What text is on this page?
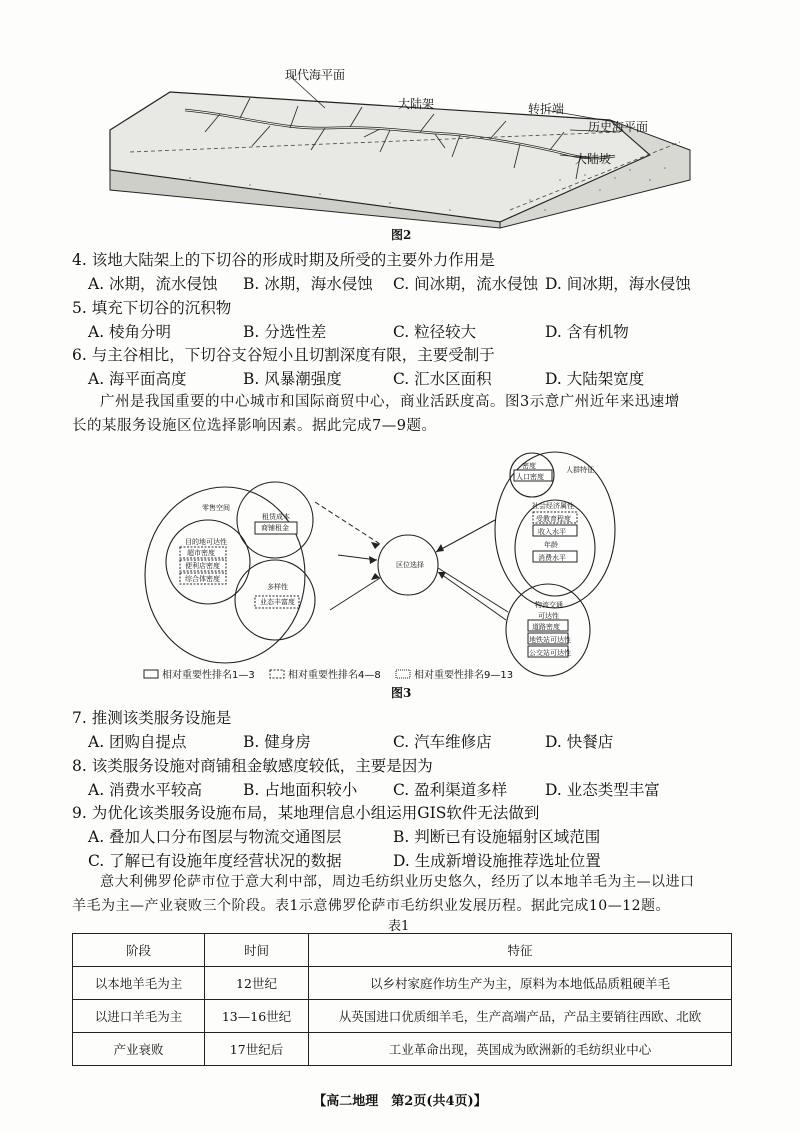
现代海平面
大陆架	转折端
历史海平面
大陆坡
图2
4. 该地大陆架上的下切谷的形成时期及所受的主要外力作用是
A. 冰期，流水侵蚀 B. 冰期，海水侵蚀 C. 间冰期，流水侵蚀 D. 间冰期，海水侵蚀
5. 填充下切谷的沉积物
A. 棱角分明	B. 分选性差	C. 粒径较大	D. 含有机物
6. 与主谷相比，下切谷支谷短小且切割深度有限，主要受制于
A. 海平面高度	B. 风暴潮强度	C. 汇水区面积	D. 大陆架宽度
广州是我国重要的中心城市和国际商贸中心，商业活跃度高。图3示意广州近年来迅速增
长的某服务设施区位选择影响因素。据此完成7—9题。
零售空间
租赁成本
商铺租金
目的地可达性
超市密度
便利店密度
综合体密度
多样性
业态丰富度
区位选择
人群特征
密度
人口密度
社会经济属性
受教育程度
收入水平
年龄
消费水平
物流交通
可达性
道路密度
地铁站可达性
公交站可达性
相对重要性排名1—3	相对重要性排名4—8	相对重要性排名9—13
图3
7. 推测该类服务设施是
A. 团购自提点	B. 健身房	C. 汽车维修店	D. 快餐店
8. 该类服务设施对商铺租金敏感度较低，主要是因为
A. 消费水平较高	B. 占地面积较小 C. 盈利渠道多样 D. 业态类型丰富
9. 为优化该类服务设施布局，某地理信息小组运用GIS软件无法做到
A. 叠加人口分布图层与物流交通图层	B. 判断已有设施辐射区域范围
C. 了解已有设施年度经营状况的数据	D. 生成新增设施推荐选址位置
意大利佛罗伦萨市位于意大利中部，周边毛纺织业历史悠久，经历了以本地羊毛为主—以进口
羊毛为主—产业衰败三个阶段。表1示意佛罗伦萨市毛纺织业发展历程。据此完成10—12题。
表1
阶段	时间	特征
以本地羊毛为主	12世纪	以乡村家庭作坊生产为主，原料为本地低品质粗硬羊毛
以进口羊毛为主	13—16世纪	从英国进口优质细羊毛，生产高端产品，产品主要销往西欧、北欧
产业衰败	17世纪后	工业革命出现，英国成为欧洲新的毛纺织业中心
【高二地理　第2页(共4页)】
